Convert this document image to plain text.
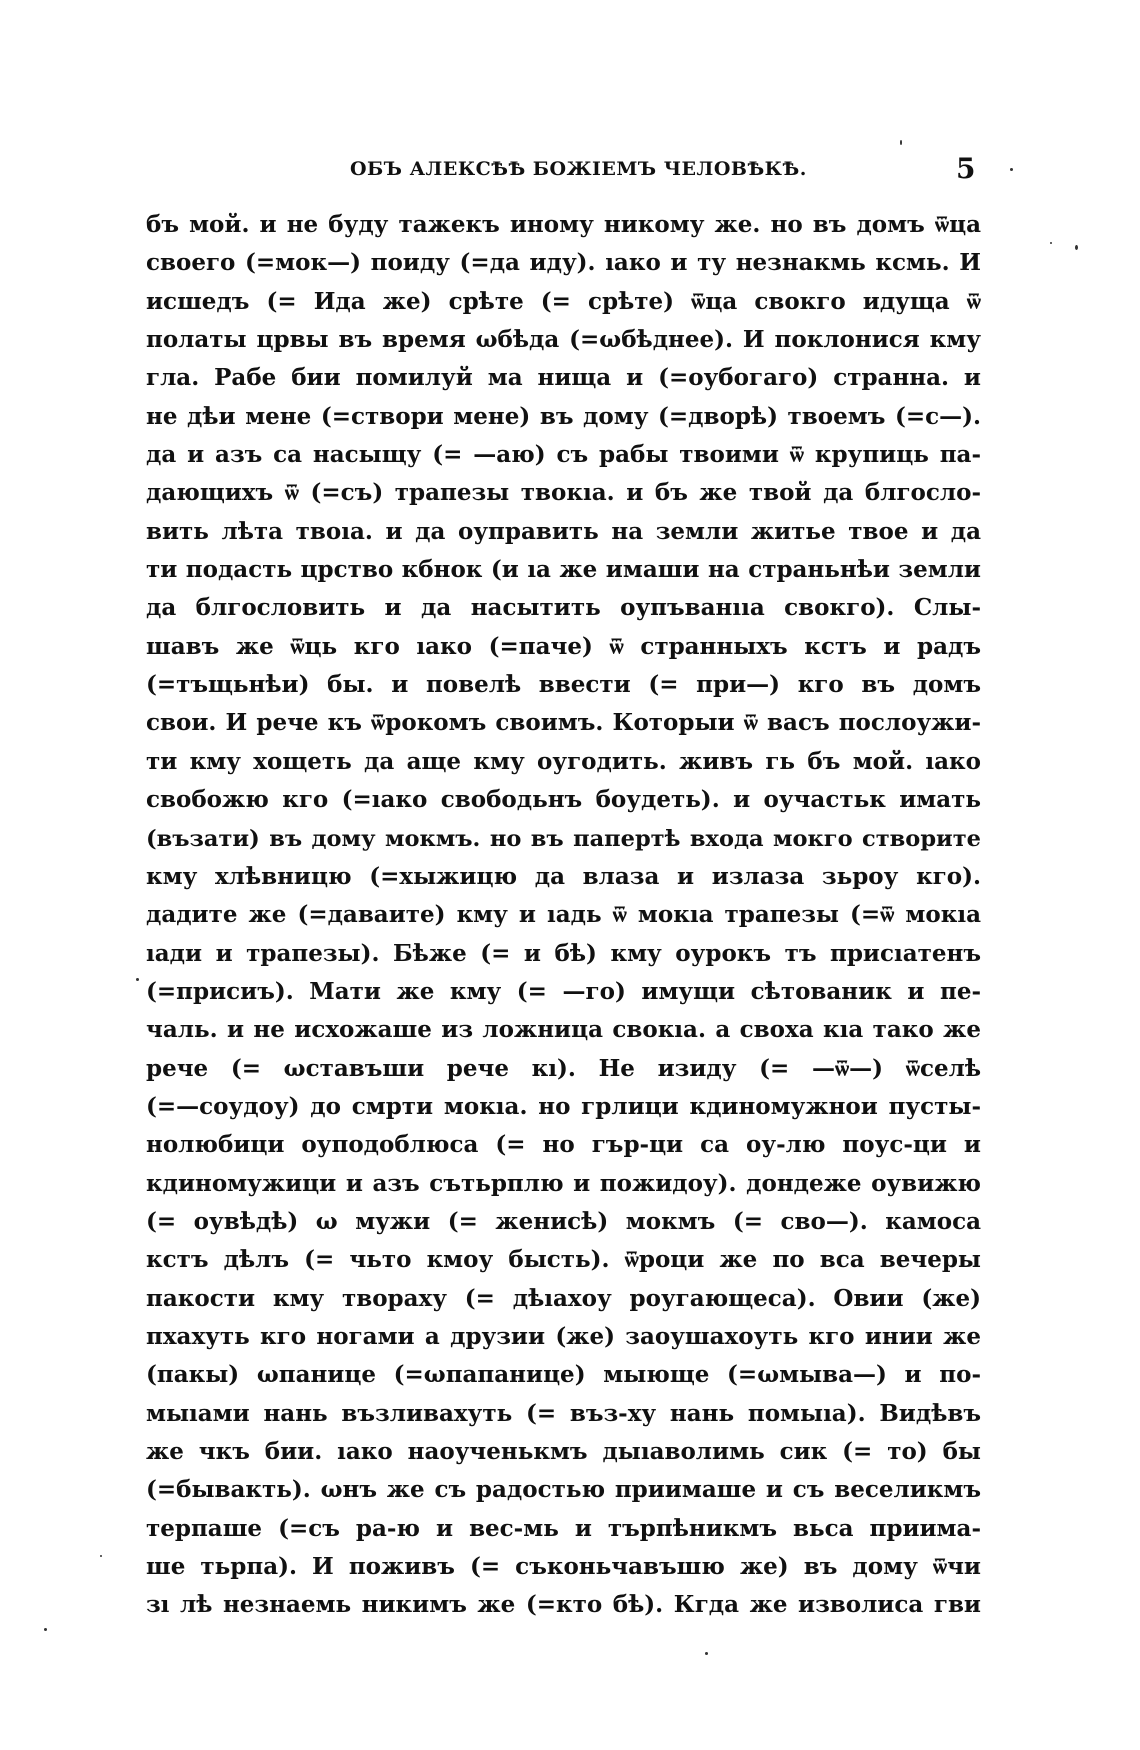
ОБЪ АЛЕКСѢѢ БОЖІЕМЪ ЧЕЛОВѢКѢ.	5
бъ мой. и не буду тажекъ иному никому же. но въ домъ ѿца
своего (=мок—) поиду (=да иду). ıако и ту незнакмь ксмь. И
исшедъ (= Ида же) срѣте (= срѣте) ѿца свокго идуща ѿ
полаты црвы въ время ωбѣда (=ωбѣднее). И поклонися кму
гла. Рабе бии помилуй ма нища и (=оубогаго) странна. и
не дѣи мене (=створи мене) въ дому (=дворѣ) твоемъ (=с—).
да и азъ са насыщу (= —аю) съ рабы твоими ѿ крупиць па-
дающихъ ѿ (=съ) трапезы твокıа. и бъ же твой да блгосло-
вить лѣта твоıа. и да оуправить на земли житье твое и да
ти подасть црство кбнок (и ıа же имаши на страньнѣи земли
да блгословить и да насытить оупъванııа свокго). Слы-
шавъ же ѿць кго ıако (=паче) ѿ странныхъ кстъ и радъ
(=тъщьнѣи) бы. и повелѣ ввести (= при—) кго въ домъ
свои. И рече къ ѿрокомъ своимъ. Которыи ѿ васъ послоужи-
ти кму хощеть да аще кму оугодить. живъ гь бъ мой. ıако
свобожю кго (=ıако свободьнъ боудеть). и оучастьк имать
(възати) въ дому мокмъ. но въ папертѣ входа мокго створите
кму хлѣвницю (=хыжицю да влаза и излаза зьроу кго).
дадите же (=даваите) кму и ıадь ѿ мокıа трапезы (=ѿ мокıа
ıади и трапезы). Бѣже (= и бѣ) кму оурокъ тъ присıатенъ
(=присиъ). Мати же кму (= —го) имущи сѣтованик и пе-
чаль. и не исхожаше из ложница свокıа. а своха кıа тако же
рече (= ωставъши рече кı). Не изиду (= —ѿ—) ѿселѣ
(=—соудоу) до смрти мокıа. но грлици кдиномужнои пусты-
нолюбици оуподоблюса (= но гър-ци са оу-лю поус-ци и
кдиномужици и азъ сътьрплю и пожидоу). дондеже оувижю
(= оувѣдѣ) ω мужи (= женисѣ) мокмъ (= сво—). камоса
кстъ дѣлъ (= чьто кмоу бысть). ѿроци же по вса вечеры
пакости кму твораху (= дѣıахоу роугающеса). Овии (же)
пхахуть кго ногами а друзии (же) заоушахоуть кго инии же
(пакы) ωпанице (=ωпапанице) мыюще (=ωмыва—) и по-
мыıами нань възливахуть (= въз-ху нань помыıа). Видѣвъ
же чкъ бии. ıако наоученькмъ дыıаволимь сик (= то) бы
(=бывакть). ωнъ же съ радостью приимаше и съ веселикмъ
терпаше (=съ ра-ю и вес-мь и търпѣникмъ вьса приима-
ше тьрпа). И поживъ (= съконьчавъшю же) въ дому ѿчи
зı лѣ незнаемь никимъ же (=кто бѣ). Кгда же изволиса гви
